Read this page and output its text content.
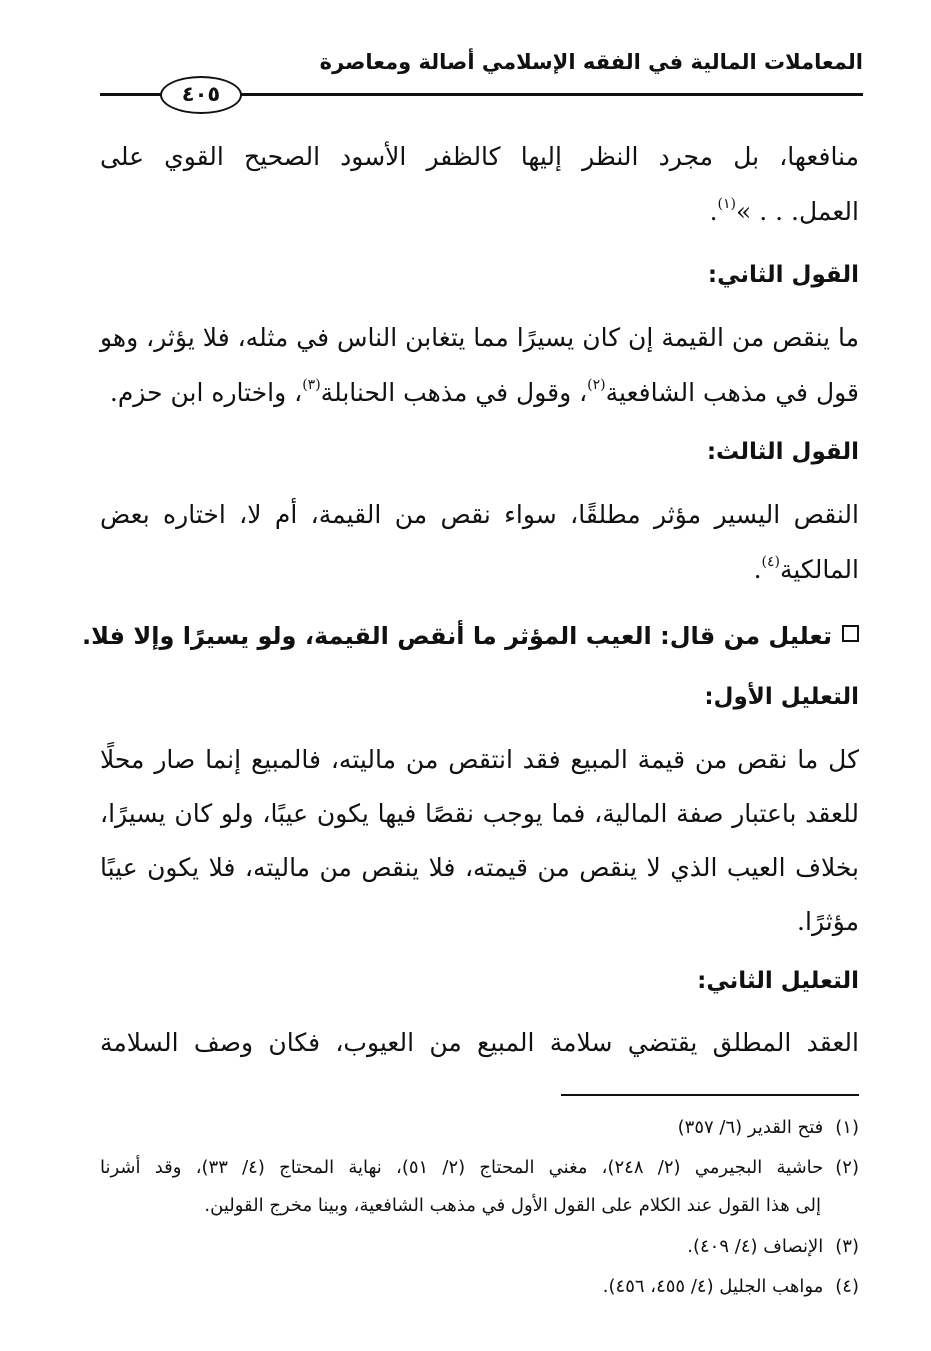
المعاملات المالية في الفقه الإسلامي أصالة ومعاصرة
٤٠٥
منافعها، بل مجرد النظر إليها كالظفر الأسود الصحيح القوي على
العمل. . . »$^{(١)}$.
القول الثاني:
ما ينقص من القيمة إن كان يسيرًا مما يتغابن الناس في مثله، فلا يؤثر، وهو
قول في مذهب الشافعية$^{(٢)}$، وقول في مذهب الحنابلة$^{(٣)}$، واختاره ابن حزم.
القول الثالث:
النقص اليسير مؤثر مطلقًا، سواء نقص من القيمة، أم لا، اختاره بعض
المالكية$^{(٤)}$.
تعليل من قال: العيب المؤثر ما أنقص القيمة، ولو يسيرًا وإلا فلا.
التعليل الأول:
كل ما نقص من قيمة المبيع فقد انتقص من ماليته، فالمبيع إنما صار محلًا
للعقد باعتبار صفة المالية، فما يوجب نقصًا فيها يكون عيبًا، ولو كان يسيرًا،
بخلاف العيب الذي لا ينقص من قيمته، فلا ينقص من ماليته، فلا يكون عيبًا
مؤثرًا.
التعليل الثاني:
العقد المطلق يقتضي سلامة المبيع من العيوب، فكان وصف السلامة
(١)فتح القدير (٦/ ٣٥٧)
(٢)حاشية البجيرمي (٢/ ٢٤٨)، مغني المحتاج (٢/ ٥١)، نهاية المحتاج (٤/ ٣٣)، وقد أشرنا
إلى هذا القول عند الكلام على القول الأول في مذهب الشافعية، وبينا مخرج القولين.
(٣)الإنصاف (٤/ ٤٠٩).
(٤)مواهب الجليل (٤/ ٤٥٥، ٤٥٦).
